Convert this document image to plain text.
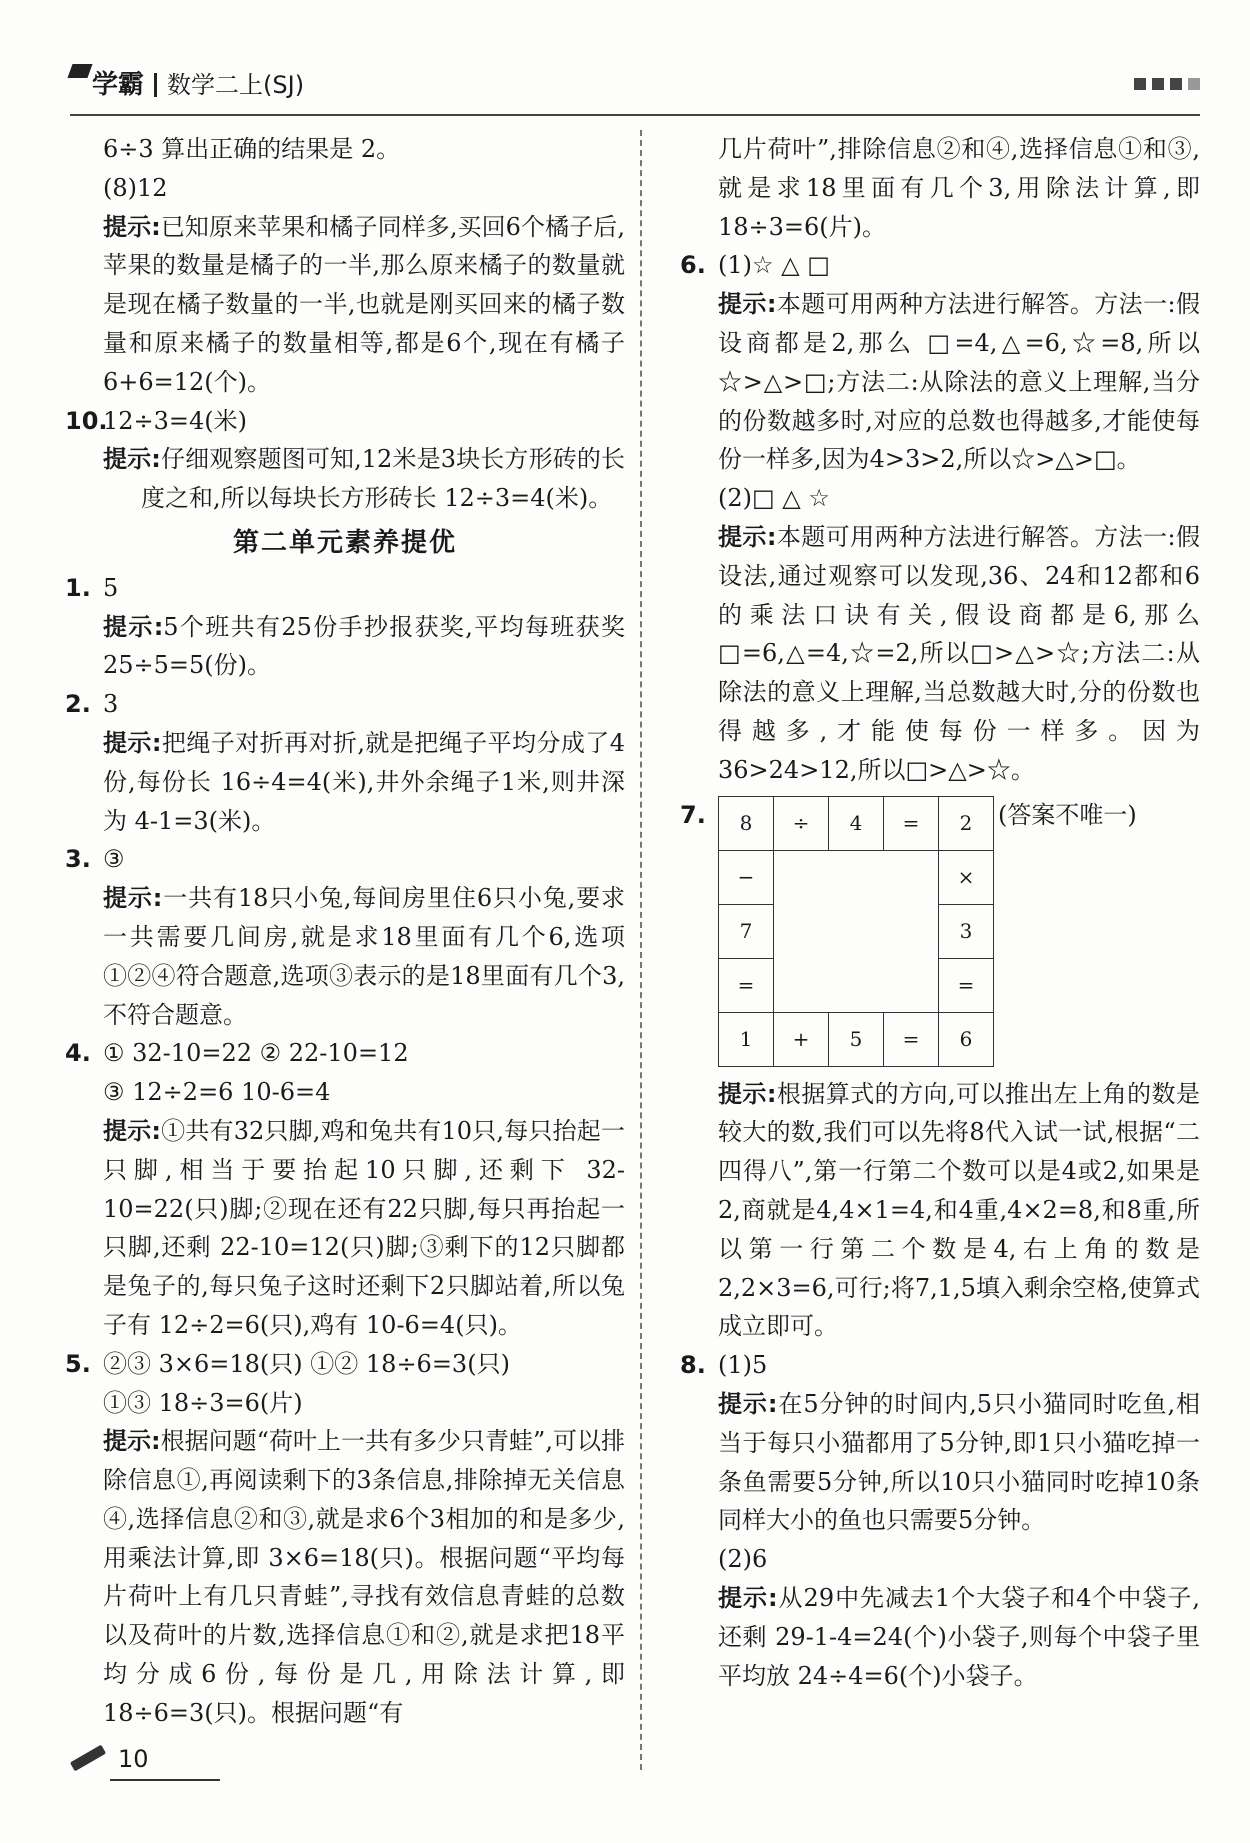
学霸 数学二上(SJ)

6÷3 算出正确的结果是 2。

(8)12

提示:已知原来苹果和橘子同样多,买回6个橘子后,苹果的数量是橘子的一半,那么原来橘子的数量就是现在橘子数量的一半,也就是刚买回来的橘子数量和原来橘子的数量相等,都是6个,现在有橘子 6+6=12(个)。

10.12÷3=4(米)

提示:仔细观察题图可知,12米是3块长方形砖的长度之和,所以每块长方形砖长 12÷3=4(米)。

第二单元素养提优

1. 5

提示:5个班共有25份手抄报获奖,平均每班获奖 25÷5=5(份)。

2. 3

提示:把绳子对折再对折,就是把绳子平均分成了4份,每份长 16÷4=4(米),井外余绳子1米,则井深为 4-1=3(米)。

3. ③

提示:一共有18只小兔,每间房里住6只小兔,要求一共需要几间房,就是求18里面有几个6,选项①②④符合题意,选项③表示的是18里面有几个3,不符合题意。

4. ① 32-10=22 ② 22-10=12

③ 12÷2=6 10-6=4

提示:①共有32只脚,鸡和兔共有10只,每只抬起一只脚,相当于要抬起10只脚,还剩下 32-10=22(只)脚;②现在还有22只脚,每只再抬起一只脚,还剩 22-10=12(只)脚;③剩下的12只脚都是兔子的,每只兔子这时还剩下2只脚站着,所以兔子有 12÷2=6(只),鸡有 10-6=4(只)。

5. ②③ 3×6=18(只) ①② 18÷6=3(只)

①③ 18÷3=6(片)

提示:根据问题“荷叶上一共有多少只青蛙”,可以排除信息①,再阅读剩下的3条信息,排除掉无关信息④,选择信息②和③,就是求6个3相加的和是多少,用乘法计算,即 3×6=18(只)。根据问题“平均每片荷叶上有几只青蛙”,寻找有效信息青蛙的总数以及荷叶的片数,选择信息①和②,就是求把18平均分成6份,每份是几,用除法计算,即 18÷6=3(只)。根据问题“有

几片荷叶”,排除信息②和④,选择信息①和③,就是求18里面有几个3,用除法计算,即 18÷3=6(片)。

6. (1)☆ △ □

提示:本题可用两种方法进行解答。方法一:假设商都是2,那么 □=4,△=6,☆=8,所以☆>△>□;方法二:从除法的意义上理解,当分的份数越多时,对应的总数也得越多,才能使每份一样多,因为4>3>2,所以☆>△>□。

(2)□ △ ☆

提示:本题可用两种方法进行解答。方法一:假设法,通过观察可以发现,36、24和12都和6的乘法口诀有关,假设商都是6,那么 □=6,△=4,☆=2,所以□>△>☆;方法二:从除法的意义上理解,当总数越大时,分的份数也得越多,才能使每份一样多。因为36>24>12,所以□>△>☆。

7.	8	÷	4	=	2
−				×
7				3
=				=
1	+	5	=	6
(答案不唯一)

提示:根据算式的方向,可以推出左上角的数是较大的数,我们可以先将8代入试一试,根据“二四得八”,第一行第二个数可以是4或2,如果是2,商就是4,4×1=4,和4重,4×2=8,和8重,所以第一行第二个数是4,右上角的数是2,2×3=6,可行;将7,1,5填入剩余空格,使算式成立即可。

8. (1)5

提示:在5分钟的时间内,5只小猫同时吃鱼,相当于每只小猫都用了5分钟,即1只小猫吃掉一条鱼需要5分钟,所以10只小猫同时吃掉10条同样大小的鱼也只需要5分钟。

(2)6

提示:从29中先减去1个大袋子和4个中袋子,还剩 29-1-4=24(个)小袋子,则每个中袋子里平均放 24÷4=6(个)小袋子。

10
